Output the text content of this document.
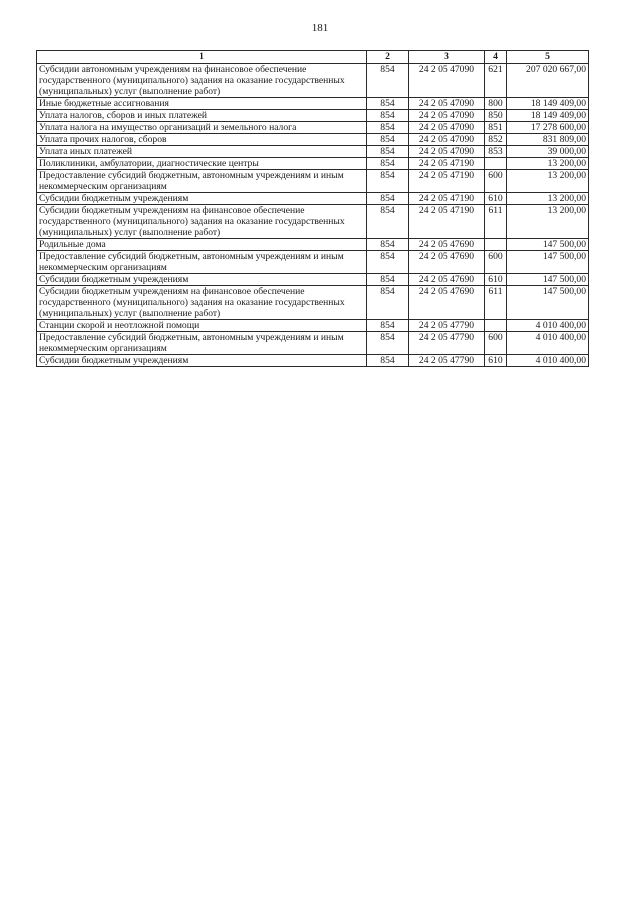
181
1	2	3	4	5
Субсидии автономным учреждениям на финансовое обеспечение государственного (муниципального) задания на оказание государственных (муниципальных) услуг (выполнение работ)	854	24 2 05 47090	621	207 020 667,00
Иные бюджетные ассигнования	854	24 2 05 47090	800	18 149 409,00
Уплата налогов, сборов и иных платежей	854	24 2 05 47090	850	18 149 409,00
Уплата налога на имущество организаций и земельного налога	854	24 2 05 47090	851	17 278 600,00
Уплата прочих налогов, сборов	854	24 2 05 47090	852	831 809,00
Уплата иных платежей	854	24 2 05 47090	853	39 000,00
Поликлиники, амбулатории, диагностические центры	854	24 2 05 47190		13 200,00
Предоставление субсидий бюджетным, автономным учреждениям и иным некоммерческим организациям	854	24 2 05 47190	600	13 200,00
Субсидии бюджетным учреждениям	854	24 2 05 47190	610	13 200,00
Субсидии бюджетным учреждениям на финансовое обеспечение государственного (муниципального) задания на оказание государственных (муниципальных) услуг (выполнение работ)	854	24 2 05 47190	611	13 200,00
Родильные дома	854	24 2 05 47690		147 500,00
Предоставление субсидий бюджетным, автономным учреждениям и иным некоммерческим организациям	854	24 2 05 47690	600	147 500,00
Субсидии бюджетным учреждениям	854	24 2 05 47690	610	147 500,00
Субсидии бюджетным учреждениям на финансовое обеспечение государственного (муниципального) задания на оказание государственных (муниципальных) услуг (выполнение работ)	854	24 2 05 47690	611	147 500,00
Станции скорой и неотложной помощи	854	24 2 05 47790		4 010 400,00
Предоставление субсидий бюджетным, автономным учреждениям и иным некоммерческим организациям	854	24 2 05 47790	600	4 010 400,00
Субсидии бюджетным учреждениям	854	24 2 05 47790	610	4 010 400,00
